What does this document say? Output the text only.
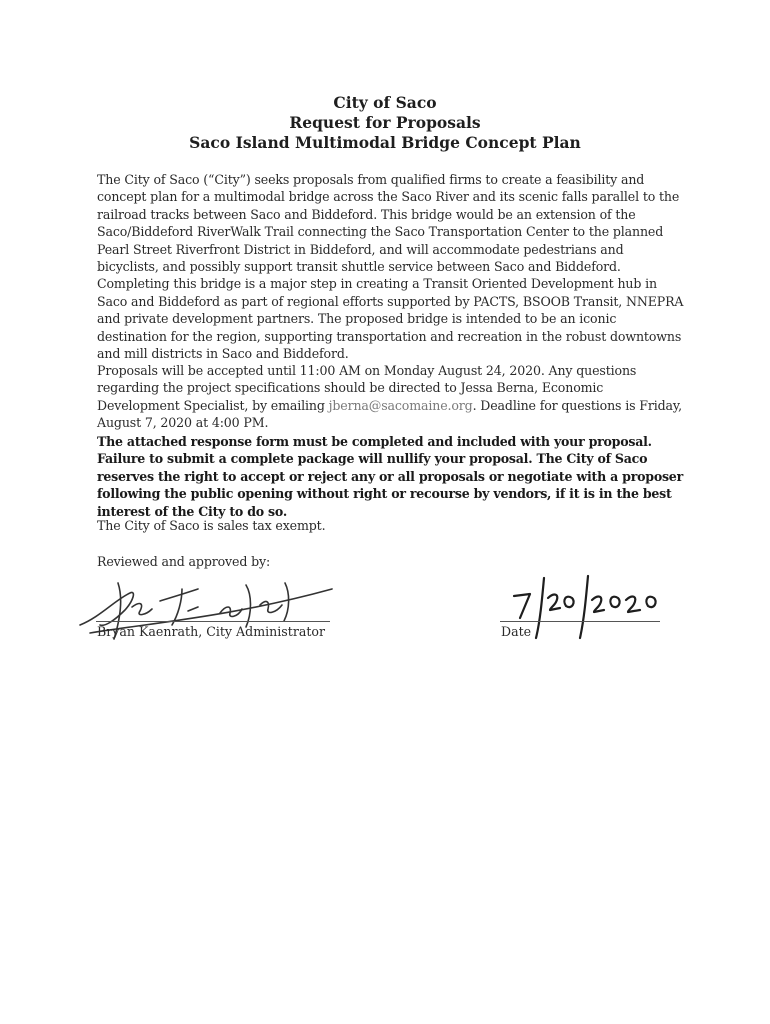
City of Saco
Request for Proposals
Saco Island Multimodal Bridge Concept Plan

The City of Saco (“City”) seeks proposals from qualified firms to create a feasibility and concept plan for a multimodal bridge across the Saco River and its scenic falls parallel to the railroad tracks between Saco and Biddeford. This bridge would be an extension of the Saco/Biddeford RiverWalk Trail connecting the Saco Transportation Center to the planned Pearl Street Riverfront District in Biddeford, and will accommodate pedestrians and bicyclists, and possibly support transit shuttle service between Saco and Biddeford. Completing this bridge is a major step in creating a Transit Oriented Development hub in Saco and Biddeford as part of regional efforts supported by PACTS, BSOOB Transit, NNEPRA and private development partners. The proposed bridge is intended to be an iconic destination for the region, supporting transportation and recreation in the robust downtowns and mill districts in Saco and Biddeford.

Proposals will be accepted until 11:00 AM on Monday August 24, 2020. Any questions regarding the project specifications should be directed to Jessa Berna, Economic Development Specialist, by emailing jberna@sacomaine.org. Deadline for questions is Friday, August 7, 2020 at 4:00 PM.

The attached response form must be completed and included with your proposal. Failure to submit a complete package will nullify your proposal. The City of Saco reserves the right to accept or reject any or all proposals or negotiate with a proposer following the public opening without right or recourse by vendors, if it is in the best interest of the City to do so.

The City of Saco is sales tax exempt.

Reviewed and approved by:

Bryan Kaenrath, City Administrator	Date
